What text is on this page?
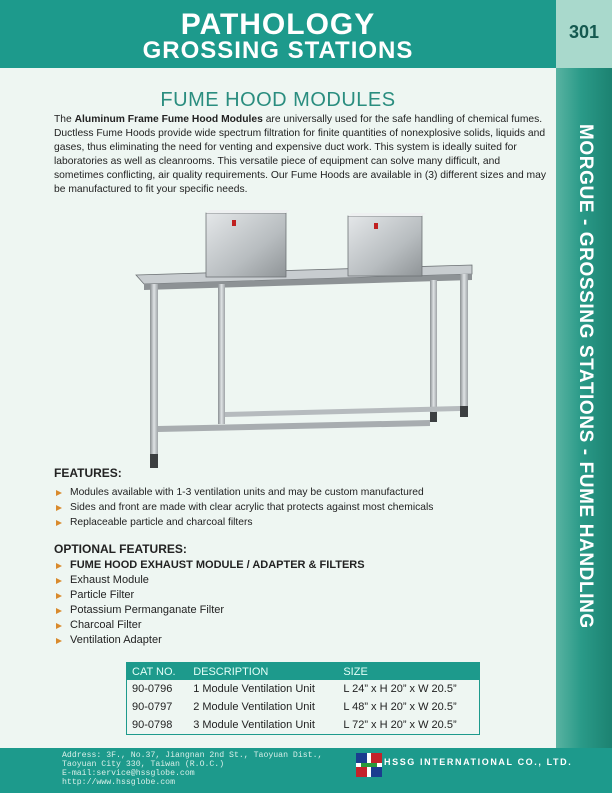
PATHOLOGY
GROSSING STATIONS
301
MORGUE - GROSSING STATIONS - FUME HANDLING
FUME HOOD MODULES

The Aluminum Frame Fume Hood Modules are universally used for the safe handling of chemical fumes. Ductless Fume Hoods provide wide spectrum filtration for finite quantities of nonexplosive solids, liquids and gases, thus eliminating the need for venting and expensive duct work. This system is ideally suited for laboratories as well as cleanrooms. This versatile piece of equipment can solve many difficult, and sometimes conflicting, air quality requirements. Our Fume Hoods are available in (3) different sizes and may be manufactured to fit your specific needs.

FEATURES:
Modules available with 1-3 ventilation units and may be custom manufactured
Sides and front are made with clear acrylic that protects against most chemicals
Replaceable particle and charcoal filters
OPTIONAL FEATURES:
FUME HOOD EXHAUST MODULE / ADAPTER & FILTERS
Exhaust Module
Particle Filter
Potassium Permanganate Filter
Charcoal Filter
Ventilation Adapter
CAT NO.	DESCRIPTION	SIZE
90-0796	1 Module Ventilation Unit	L 24” x H 20” x W 20.5”
90-0797	2 Module Ventilation Unit	L 48” x H 20” x W 20.5”
90-0798	3 Module Ventilation Unit	L 72” x H 20” x W 20.5”
Address: 3F., No.37, Jiangnan 2nd St., Taoyuan Dist.,
Taoyuan City 330, Taiwan (R.O.C.)
E-mail:service@hssglobe.com
http://www.hssglobe.com
HSSG INTERNATIONAL CO., LTD.
